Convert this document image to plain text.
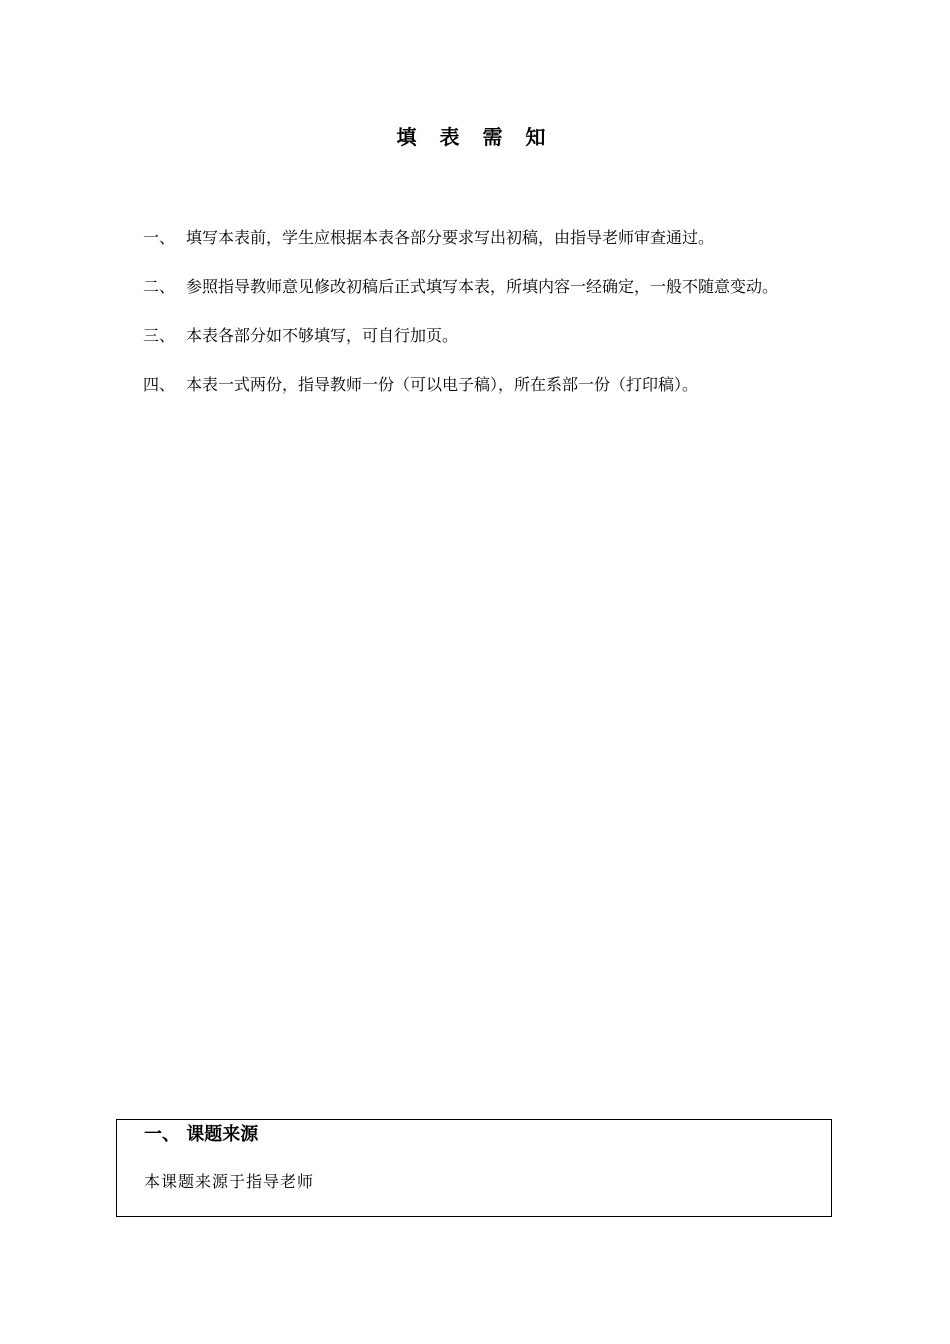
填 表 需 知
一、 填写本表前，学生应根据本表各部分要求写出初稿，由指导老师审查通过。
二、 参照指导教师意见修改初稿后正式填写本表，所填内容一经确定，一般不随意变动。
三、 本表各部分如不够填写，可自行加页。
四、 本表一式两份，指导教师一份（可以电子稿），所在系部一份（打印稿）。
一、 课题来源
本课题来源于指导老师
